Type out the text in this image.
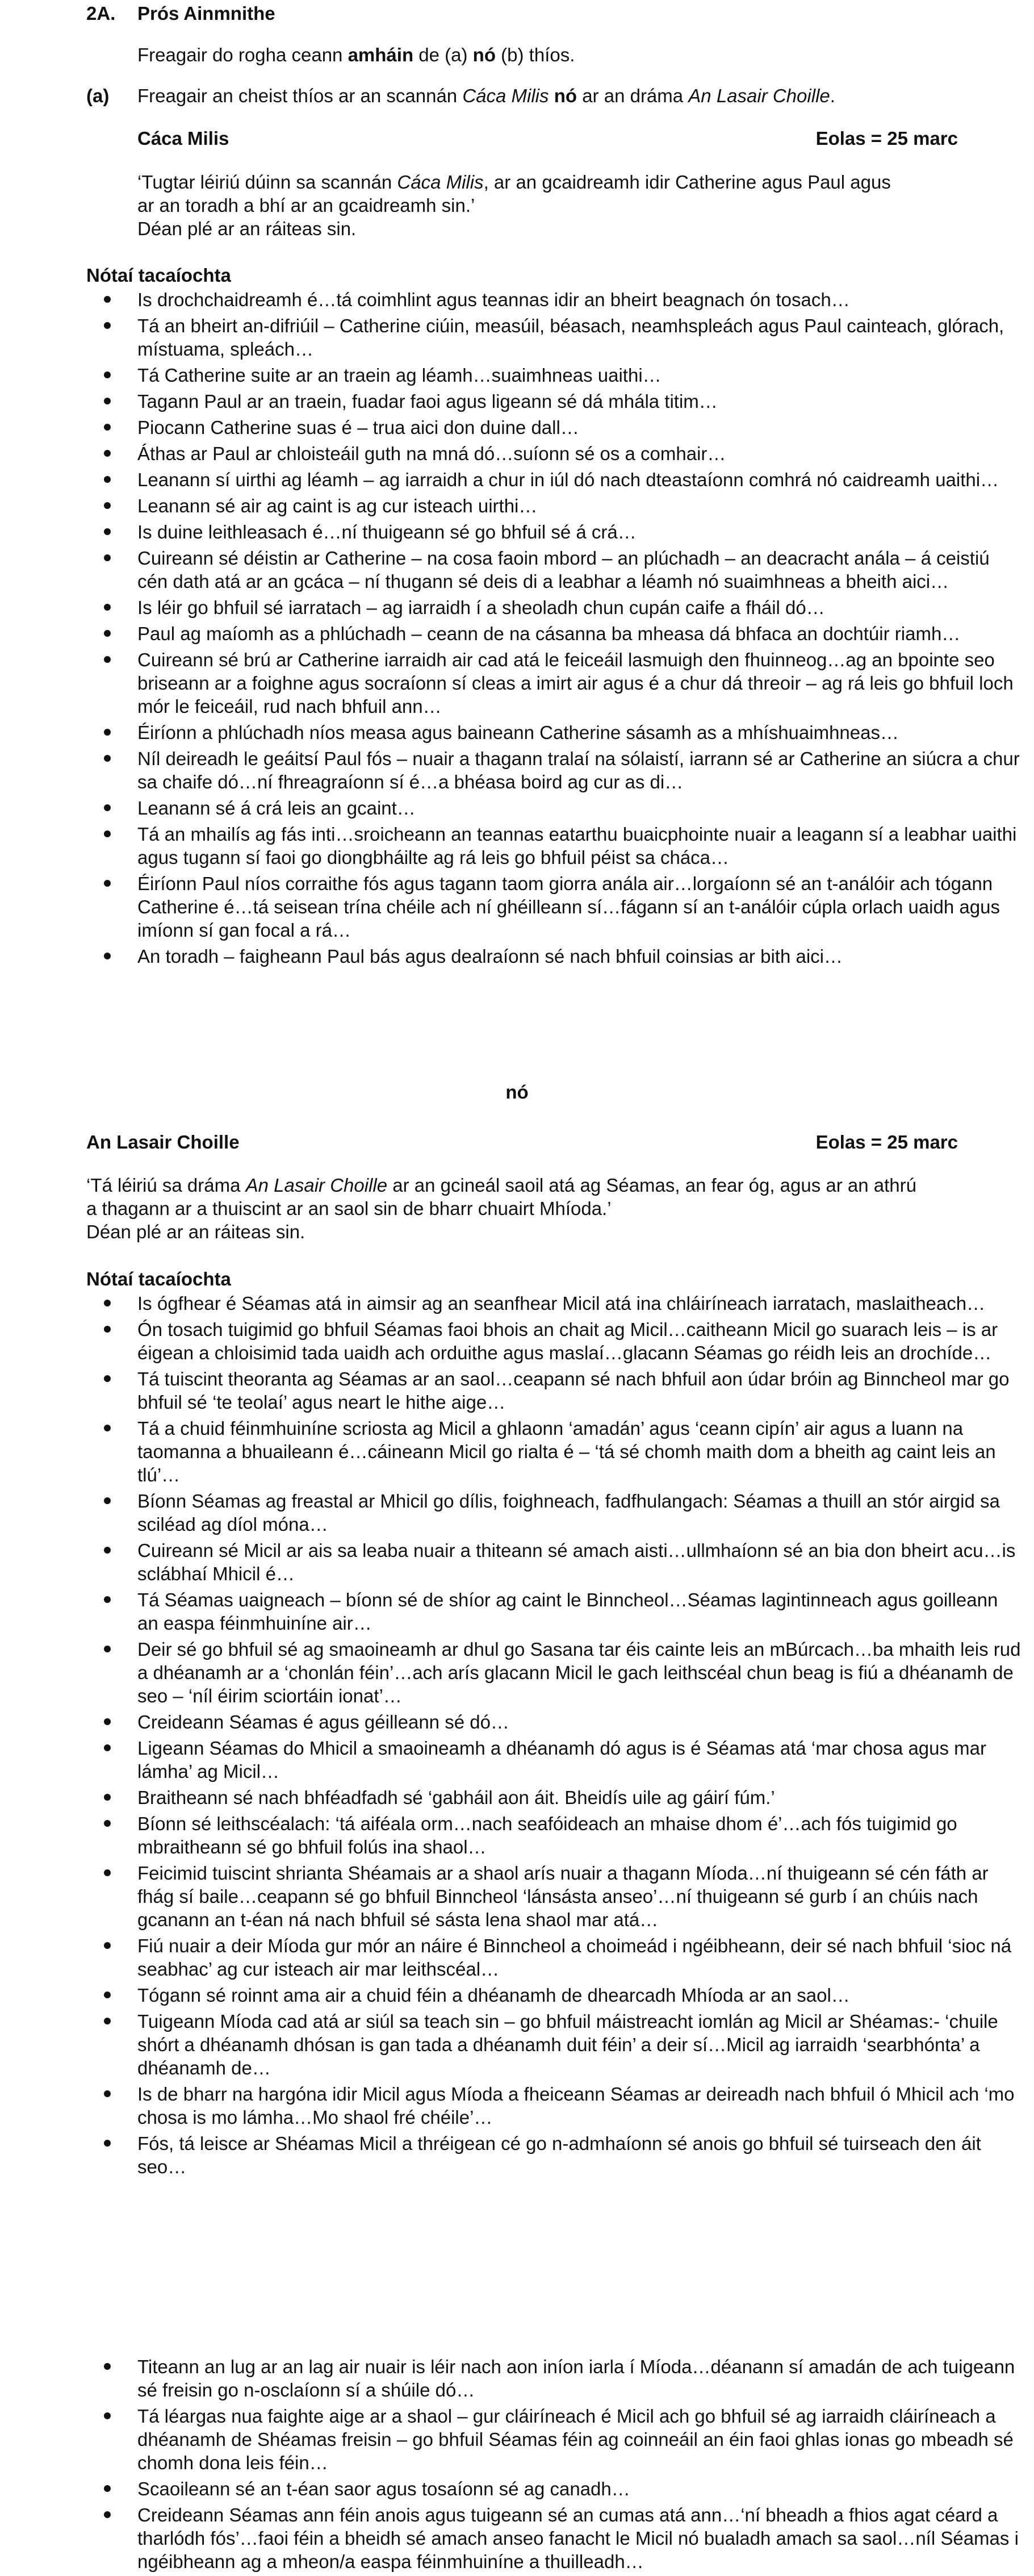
2A.	Prós Ainmnithe
Freagair do rogha ceann amháin de (a) nó (b) thíos.
(a)	Freagair an cheist thíos ar an scannán Cáca Milis nó ar an dráma An Lasair Choille.
Cáca Milis	Eolas = 25 marc
‘Tugtar léiriú dúinn sa scannán Cáca Milis, ar an gcaidreamh idir Catherine agus Paul agus
ar an toradh a bhí ar an gcaidreamh sin.’
Déan plé ar an ráiteas sin.
Nótaí tacaíochta
Is drochchaidreamh é…tá coimhlint agus teannas idir an bheirt beagnach ón tosach…
Tá an bheirt an-difriúil – Catherine ciúin, measúil, béasach, neamhspleách agus Paul cainteach, glórach, místuama, spleách…
Tá Catherine suite ar an traein ag léamh…suaimhneas uaithi…
Tagann Paul ar an traein, fuadar faoi agus ligeann sé dá mhála titim…
Piocann Catherine suas é – trua aici don duine dall…
Áthas ar Paul ar chloisteáil guth na mná dó…suíonn sé os a comhair…
Leanann sí uirthi ag léamh – ag iarraidh a chur in iúl dó nach dteastaíonn comhrá nó caidreamh uaithi…
Leanann sé air ag caint is ag cur isteach uirthi…
Is duine leithleasach é…ní thuigeann sé go bhfuil sé á crá…
Cuireann sé déistin ar Catherine – na cosa faoin mbord – an plúchadh – an deacracht anála – á ceistiú cén dath atá ar an gcáca – ní thugann sé deis di a leabhar a léamh nó suaimhneas a bheith aici…
Is léir go bhfuil sé iarratach – ag iarraidh í a sheoladh chun cupán caife a fháil dó…
Paul ag maíomh as a phlúchadh – ceann de na cásanna ba mheasa dá bhfaca an dochtúir riamh…
Cuireann sé brú ar Catherine iarraidh air cad atá le feiceáil lasmuigh den fhuinneog…ag an bpointe seo briseann ar a foighne agus socraíonn sí cleas a imirt air agus é a chur dá threoir – ag rá leis go bhfuil loch mór le feiceáil, rud nach bhfuil ann…
Éiríonn a phlúchadh níos measa agus baineann Catherine sásamh as a mhíshuaimhneas…
Níl deireadh le geáitsí Paul fós – nuair a thagann tralaí na sólaistí, iarrann sé ar Catherine an siúcra a chur sa chaife dó…ní fhreagraíonn sí é…a bhéasa boird ag cur as di…
Leanann sé á crá leis an gcaint…
Tá an mhailís ag fás inti…sroicheann an teannas eatarthu buaicphointe nuair a leagann sí a leabhar uaithi agus tugann sí faoi go diongbháilte ag rá leis go bhfuil péist sa cháca…
Éiríonn Paul níos corraithe fós agus tagann taom giorra anála air…lorgaíonn sé an t-análóir ach tógann Catherine é…tá seisean trína chéile ach ní ghéilleann sí…fágann sí an t-análóir cúpla orlach uaidh agus imíonn sí gan focal a rá…
An toradh – faigheann Paul bás agus dealraíonn sé nach bhfuil coinsias ar bith aici…
nó
An Lasair Choille	Eolas = 25 marc
‘Tá léiriú sa dráma An Lasair Choille ar an gcineál saoil atá ag Séamas, an fear óg, agus ar an athrú
a thagann ar a thuiscint ar an saol sin de bharr chuairt Mhíoda.’
Déan plé ar an ráiteas sin.
Nótaí tacaíochta
Is ógfhear é Séamas atá in aimsir ag an seanfhear Micil atá ina chláiríneach iarratach, maslaitheach…
Ón tosach tuigimid go bhfuil Séamas faoi bhois an chait ag Micil…caitheann Micil go suarach leis – is ar éigean a chloisimid tada uaidh ach orduithe agus maslaí…glacann Séamas go réidh leis an drochíde…
Tá tuiscint theoranta ag Séamas ar an saol…ceapann sé nach bhfuil aon údar bróin ag Binncheol mar go bhfuil sé ‘te teolaí’ agus neart le hithe aige…
Tá a chuid féinmhuiníne scriosta ag Micil a ghlaonn ‘amadán’ agus ‘ceann cipín’ air agus a luann na taomanna a bhuaileann é…cáineann Micil go rialta é – ‘tá sé chomh maith dom a bheith ag caint leis an tlú’…
Bíonn Séamas ag freastal ar Mhicil go dílis, foighneach, fadfhulangach: Séamas a thuill an stór airgid sa sciléad ag díol móna…
Cuireann sé Micil ar ais sa leaba nuair a thiteann sé amach aisti…ullmhaíonn sé an bia don bheirt acu…is sclábhaí Mhicil é…
Tá Séamas uaigneach – bíonn sé de shíor ag caint le Binncheol…Séamas lagintinneach agus goilleann an easpa féinmhuiníne air…
Deir sé go bhfuil sé ag smaoineamh ar dhul go Sasana tar éis cainte leis an mBúrcach…ba mhaith leis rud a dhéanamh ar a ‘chonlán féin’…ach arís glacann Micil le gach leithscéal chun beag is fiú a dhéanamh de seo – ‘níl éirim sciortáin ionat’…
Creideann Séamas é agus géilleann sé dó…
Ligeann Séamas do Mhicil a smaoineamh a dhéanamh dó agus is é Séamas atá ‘mar chosa agus mar lámha’ ag Micil…
Braitheann sé nach bhféadfadh sé ‘gabháil aon áit. Bheidís uile ag gáirí fúm.’
Bíonn sé leithscéalach: ‘tá aiféala orm…nach seafóideach an mhaise dhom é’…ach fós tuigimid go mbraitheann sé go bhfuil folús ina shaol…
Feicimid tuiscint shrianta Shéamais ar a shaol arís nuair a thagann Míoda…ní thuigeann sé cén fáth ar fhág sí baile…ceapann sé go bhfuil Binncheol ‘lánsásta anseo’…ní thuigeann sé gurb í an chúis nach gcanann an t-éan ná nach bhfuil sé sásta lena shaol mar atá…
Fiú nuair a deir Míoda gur mór an náire é Binncheol a choimeád i ngéibheann, deir sé nach bhfuil ‘sioc ná seabhac’ ag cur isteach air mar leithscéal…
Tógann sé roinnt ama air a chuid féin a dhéanamh de dhearcadh Mhíoda ar an saol…
Tuigeann Míoda cad atá ar siúl sa teach sin – go bhfuil máistreacht iomlán ag Micil ar Shéamas:- ‘chuile shórt a dhéanamh dhósan is gan tada a dhéanamh duit féin’ a deir sí…Micil ag iarraidh ‘searbhónta’ a dhéanamh de…
Is de bharr na hargóna idir Micil agus Míoda a fheiceann Séamas ar deireadh nach bhfuil ó Mhicil ach ‘mo chosa is mo lámha…Mo shaol fré chéile’…
Fós, tá leisce ar Shéamas Micil a thréigean cé go n-admhaíonn sé anois go bhfuil sé tuirseach den áit seo…
Titeann an lug ar an lag air nuair is léir nach aon iníon iarla í Míoda…déanann sí amadán de ach tuigeann sé freisin go n-osclaíonn sí a shúile dó…
Tá léargas nua faighte aige ar a shaol – gur cláiríneach é Micil ach go bhfuil sé ag iarraidh cláiríneach a dhéanamh de Shéamas freisin – go bhfuil Séamas féin ag coinneáil an éin faoi ghlas ionas go mbeadh sé chomh dona leis féin…
Scaoileann sé an t-éan saor agus tosaíonn sé ag canadh…
Creideann Séamas ann féin anois agus tuigeann sé an cumas atá ann…‘ní bheadh a fhios agat céard a tharlódh fós’…faoi féin a bheidh sé amach anseo fanacht le Micil nó bualadh amach sa saol…níl Séamas i ngéibheann ag a mheon/a easpa féinmhuiníne a thuilleadh…
